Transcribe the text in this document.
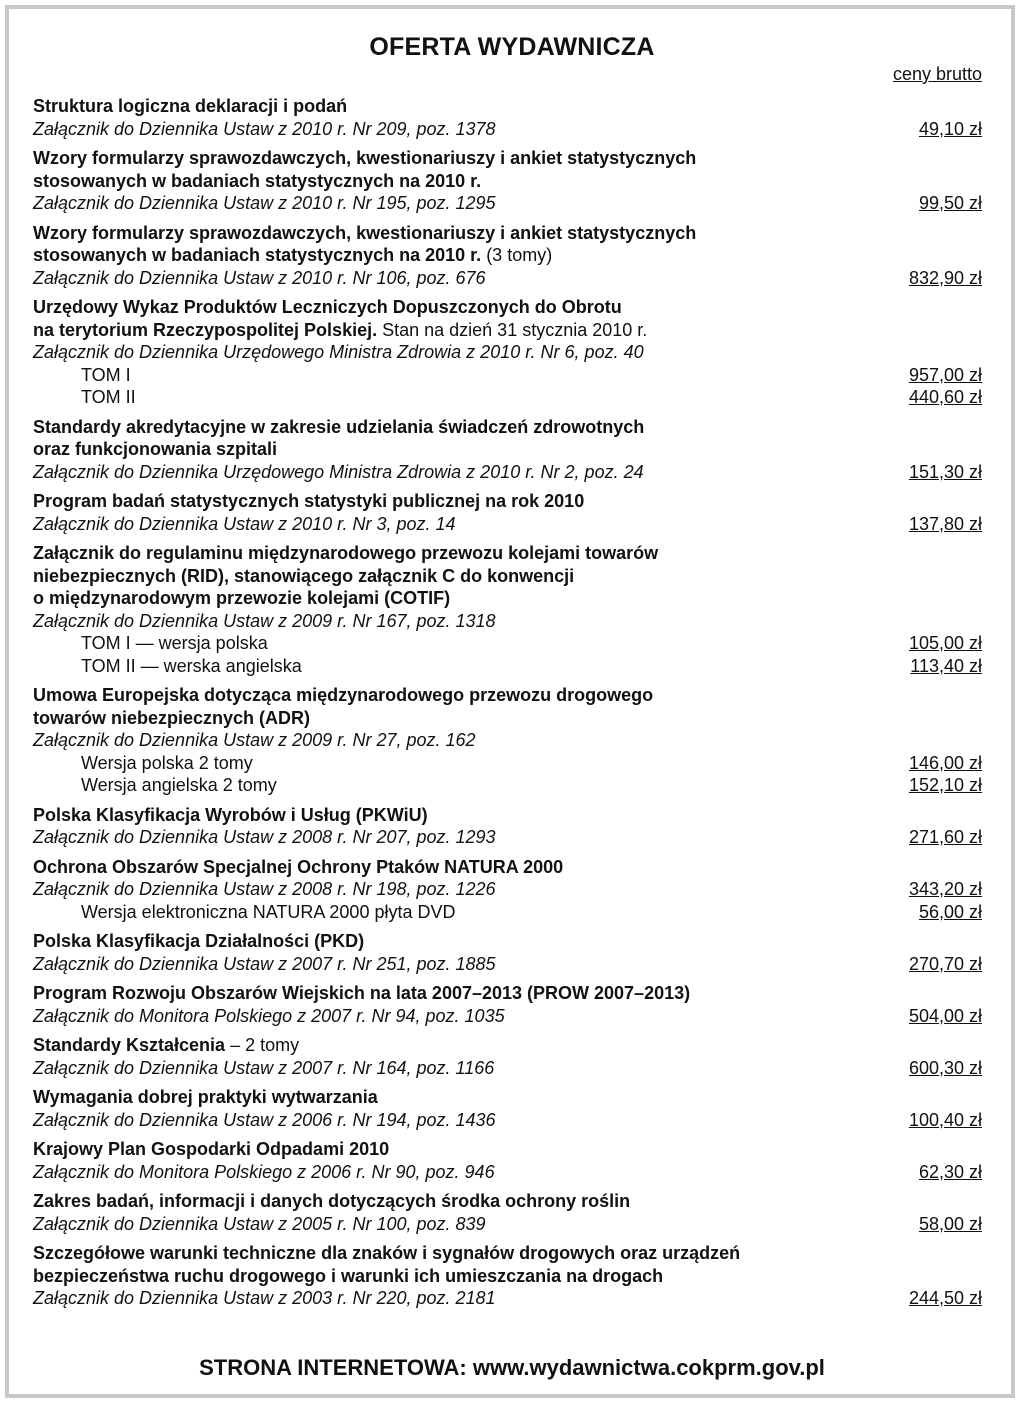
OFERTA WYDAWNICZA
ceny brutto
Struktura logiczna deklaracji i podań
Załącznik do Dziennika Ustaw z 2010 r. Nr 209, poz. 1378	49,10 zł
Wzory formularzy sprawozdawczych, kwestionariuszy i ankiet statystycznych
stosowanych w badaniach statystycznych na 2010 r.
Załącznik do Dziennika Ustaw z 2010 r. Nr 195, poz. 1295	99,50 zł
Wzory formularzy sprawozdawczych, kwestionariuszy i ankiet statystycznych
stosowanych w badaniach statystycznych na 2010 r. (3 tomy)
Załącznik do Dziennika Ustaw z 2010 r. Nr 106, poz. 676	832,90 zł
Urzędowy Wykaz Produktów Leczniczych Dopuszczonych do Obrotu
na terytorium Rzeczypospolitej Polskiej. Stan na dzień 31 stycznia 2010 r.
Załącznik do Dziennika Urzędowego Ministra Zdrowia z 2010 r. Nr 6, poz. 40
TOM I	957,00 zł
TOM II	440,60 zł
Standardy akredytacyjne w zakresie udzielania świadczeń zdrowotnych
oraz funkcjonowania szpitali
Załącznik do Dziennika Urzędowego Ministra Zdrowia z 2010 r. Nr 2, poz. 24	151,30 zł
Program badań statystycznych statystyki publicznej na rok 2010
Załącznik do Dziennika Ustaw z 2010 r. Nr 3, poz. 14	137,80 zł
Załącznik do regulaminu międzynarodowego przewozu kolejami towarów
niebezpiecznych (RID), stanowiącego załącznik C do konwencji
o międzynarodowym przewozie kolejami (COTIF)
Załącznik do Dziennika Ustaw z 2009 r. Nr 167, poz. 1318
TOM I — wersja polska	105,00 zł
TOM II — werska angielska	113,40 zł
Umowa Europejska dotycząca międzynarodowego przewozu drogowego
towarów niebezpiecznych (ADR)
Załącznik do Dziennika Ustaw z 2009 r. Nr 27, poz. 162
Wersja polska 2 tomy	146,00 zł
Wersja angielska 2 tomy	152,10 zł
Polska Klasyfikacja Wyrobów i Usług (PKWiU)
Załącznik do Dziennika Ustaw z 2008 r. Nr 207, poz. 1293	271,60 zł
Ochrona Obszarów Specjalnej Ochrony Ptaków NATURA 2000
Załącznik do Dziennika Ustaw z 2008 r. Nr 198, poz. 1226	343,20 zł
Wersja elektroniczna NATURA 2000 płyta DVD	56,00 zł
Polska Klasyfikacja Działalności (PKD)
Załącznik do Dziennika Ustaw z 2007 r. Nr 251, poz. 1885	270,70 zł
Program Rozwoju Obszarów Wiejskich na lata 2007–2013 (PROW 2007–2013)
Załącznik do Monitora Polskiego z 2007 r. Nr 94, poz. 1035	504,00 zł
Standardy Kształcenia – 2 tomy
Załącznik do Dziennika Ustaw z 2007 r. Nr 164, poz. 1166	600,30 zł
Wymagania dobrej praktyki wytwarzania
Załącznik do Dziennika Ustaw z 2006 r. Nr 194, poz. 1436	100,40 zł
Krajowy Plan Gospodarki Odpadami 2010
Załącznik do Monitora Polskiego z 2006 r. Nr 90, poz. 946	62,30 zł
Zakres badań, informacji i danych dotyczących środka ochrony roślin
Załącznik do Dziennika Ustaw z 2005 r. Nr 100, poz. 839	58,00 zł
Szczegółowe warunki techniczne dla znaków i sygnałów drogowych oraz urządzeń
bezpieczeństwa ruchu drogowego i warunki ich umieszczania na drogach
Załącznik do Dziennika Ustaw z 2003 r. Nr 220, poz. 2181	244,50 zł
STRONA INTERNETOWA: www.wydawnictwa.cokprm.gov.pl
